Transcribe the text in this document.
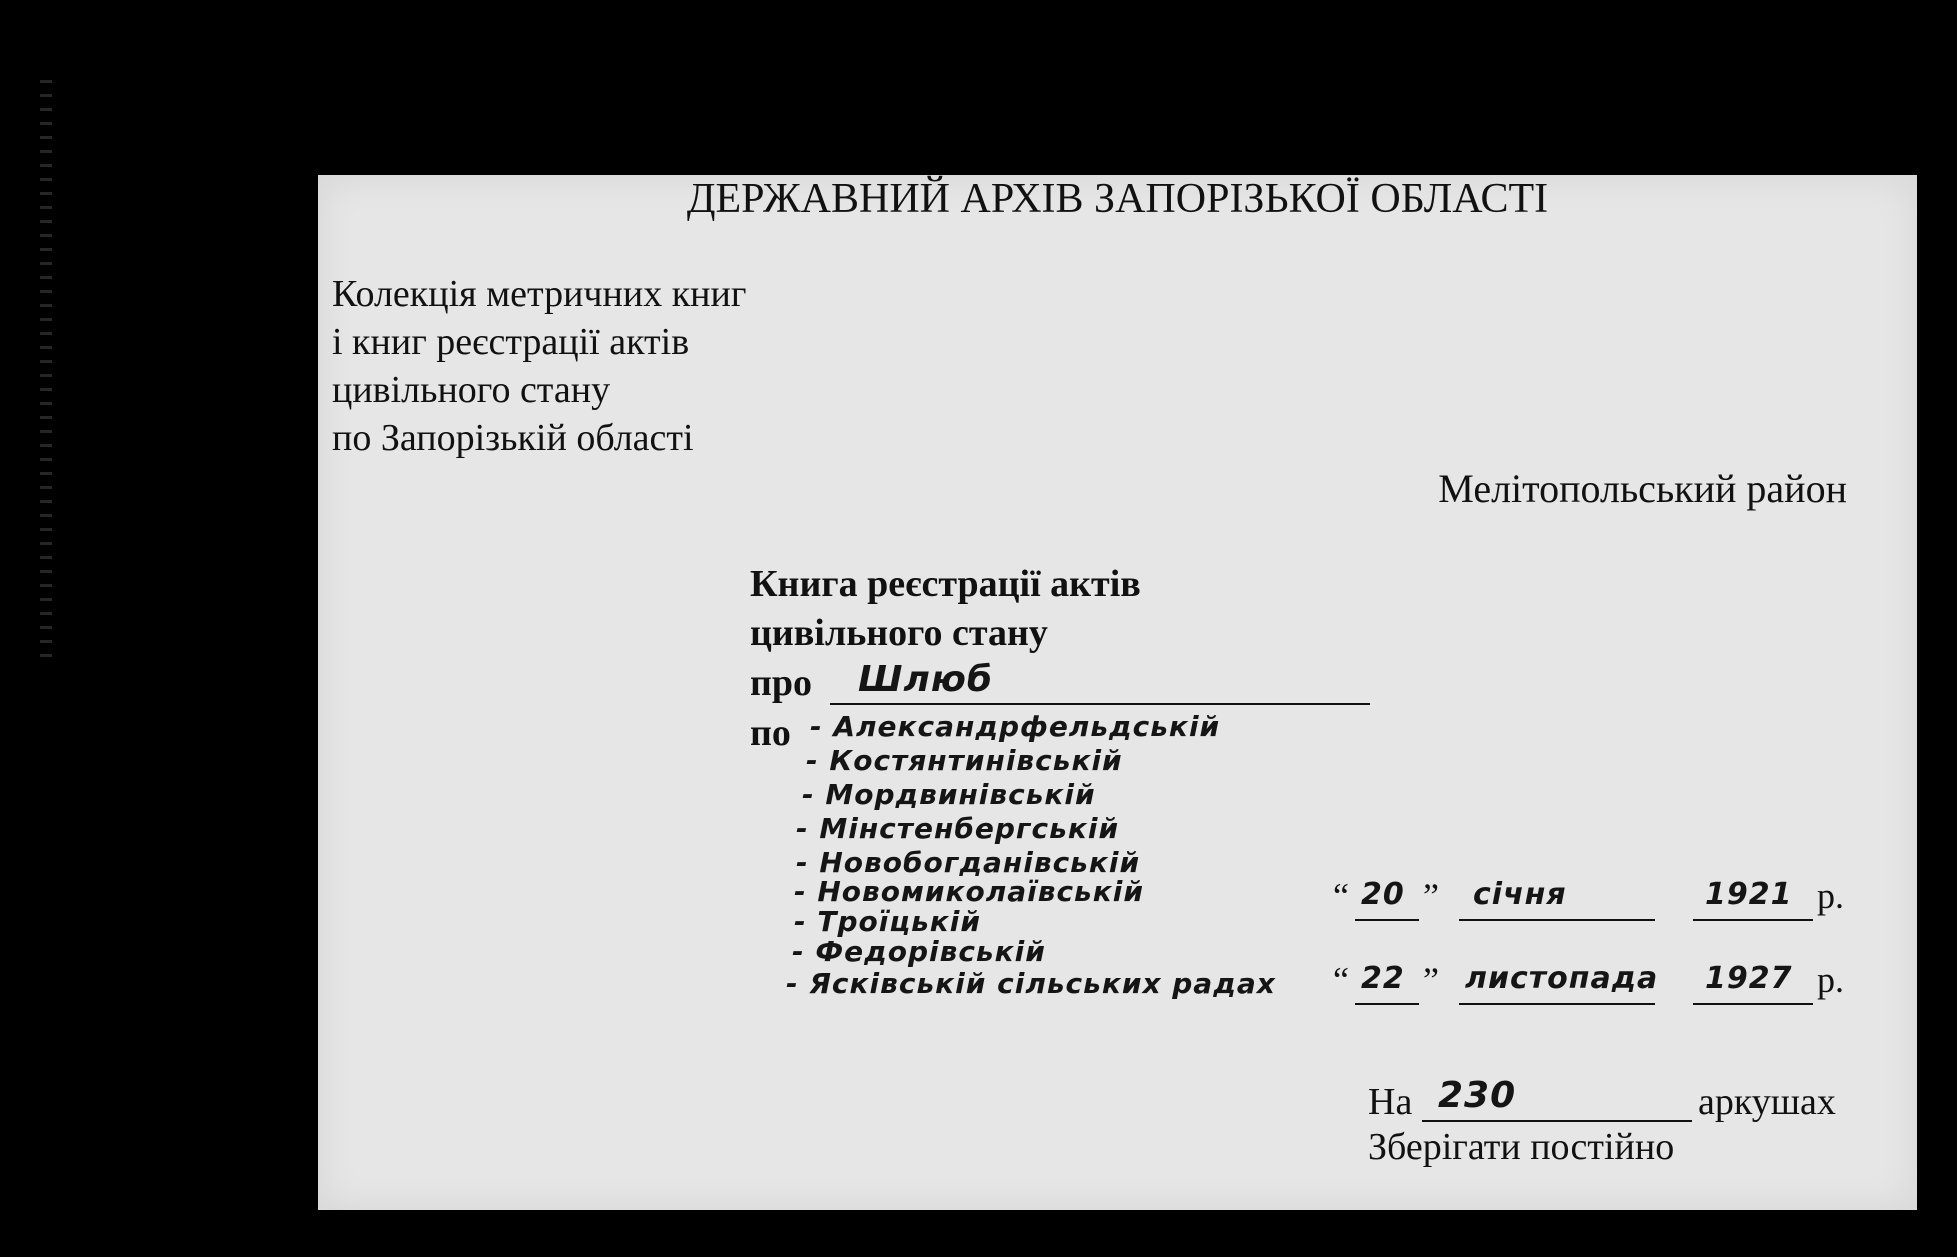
ДЕРЖАВНИЙ АРХІВ ЗАПОРІЗЬКОЇ ОБЛАСТІ
Колекція метричних книг
і книг реєстрації актів
цивільного стану
по Запорізькій області
Мелітопольський район
Книга реєстрації актів
цивільного стану
про Шлюб
по - Александрфельдській
- Костянтинівській
- Мордвинівській
- Мінстенбергській
- Новобогданівській
- Новомиколаївській
- Троїцькій
- Федорівській
- Ясківській сільських радах
“ 20 ” січня	1921 р.
“ 22 ” листопада 1927 р.
На 230	аркушах
Зберігати постійно
